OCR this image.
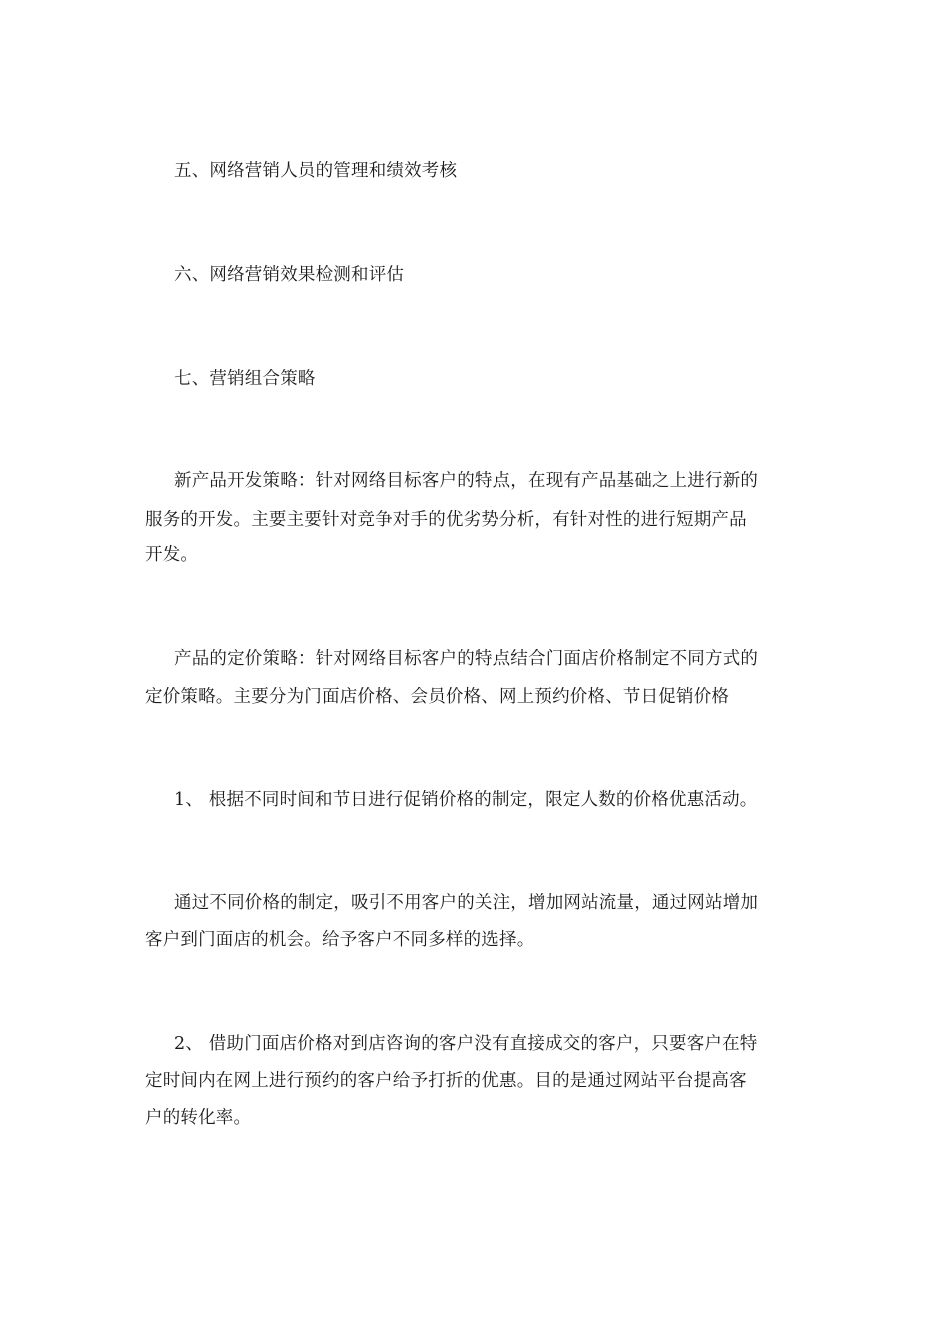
五、网络营销人员的管理和绩效考核
六、网络营销效果检测和评估
七、营销组合策略
新产品开发策略：针对网络目标客户的特点，在现有产品基础之上进行新的
服务的开发。主要主要针对竞争对手的优劣势分析，有针对性的进行短期产品
开发。
产品的定价策略：针对网络目标客户的特点结合门面店价格制定不同方式的
定价策略。主要分为门面店价格、会员价格、网上预约价格、节日促销价格
1、 根据不同时间和节日进行促销价格的制定，限定人数的价格优惠活动。
通过不同价格的制定，吸引不用客户的关注，增加网站流量，通过网站增加
客户到门面店的机会。给予客户不同多样的选择。
2、 借助门面店价格对到店咨询的客户没有直接成交的客户，只要客户在特
定时间内在网上进行预约的客户给予打折的优惠。目的是通过网站平台提高客
户的转化率。
